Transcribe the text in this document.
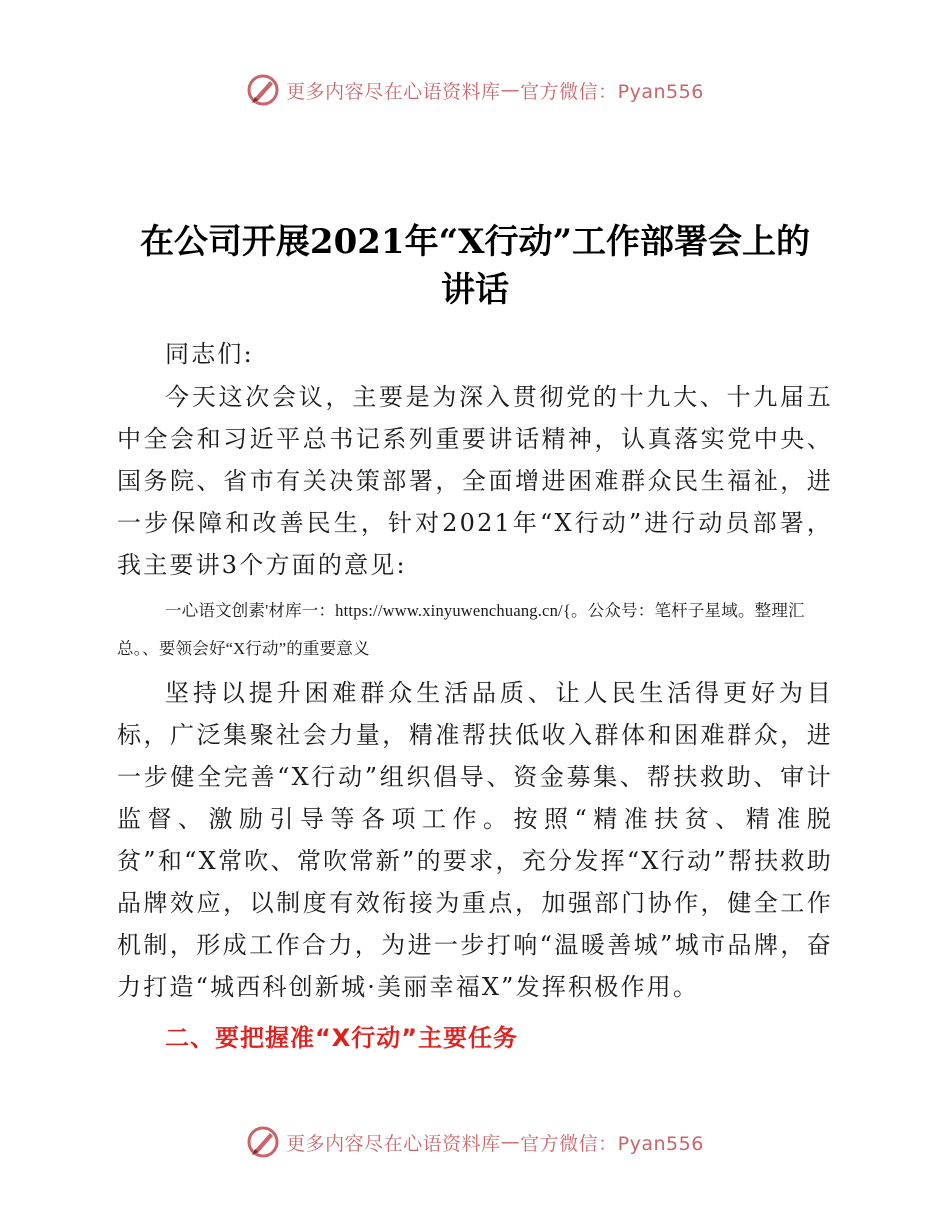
更多内容尽在心语资料库 — 官方微信：Pyan556
在公司开展2021年“X行动”工作部署会上的
讲话

同志们:

今天这次会议，主要是为深入贯彻党的十九大、十九届五中全会和习近平总书记系列重要讲话精神，认真落实党中央、国务院、省市有关决策部署，全面增进困难群众民生福祉，进一步保障和改善民生，针对2021年“X行动”进行动员部署，我主要讲3个方面的意见:

一心语文创素'材库一：https://www.xinyuwenchuang.cn/{。公众号：笔杆子星域。整理汇总。、要领会好“X行动”的重要意义

坚持以提升困难群众生活品质、让人民生活得更好为目标，广泛集聚社会力量，精准帮扶低收入群体和困难群众，进一步健全完善“X行动”组织倡导、资金募集、帮扶救助、审计监督、激励引导等各项工作。按照“精准扶贫、精准脱贫”和“X常吹、常吹常新”的要求，充分发挥“X行动”帮扶救助品牌效应，以制度有效衔接为重点，加强部门协作，健全工作机制，形成工作合力，为进一步打响“温暖善城”城市品牌，奋力打造“城西科创新城·美丽幸福X”发挥积极作用。

二、要把握准“X行动”主要任务

更多内容尽在心语资料库 — 官方微信：Pyan556
